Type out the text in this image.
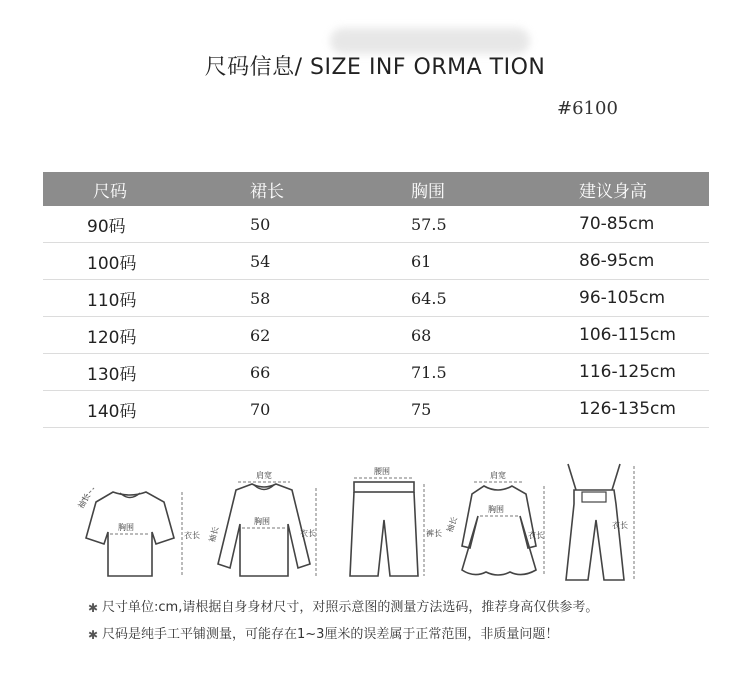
尺码信息/ SIZE INF ORMA TION
#6100
尺码	裙长	胸围	建议身高
90码	50	57.5	70-85cm
100码	54	61	86-95cm
110码	58	64.5	96-105cm
120码	62	68	106-115cm
130码	66	71.5	116-125cm
140码	70	75	126-135cm
胸围
衣长
袖长
肩宽
胸围
衣长
袖长
腰围
裤长
肩宽
胸围
衣长
袖长	衣长
✱ 尺寸单位:cm,请根据自身身材尺寸，对照示意图的测量方法选码，推荐身高仅供参考。
✱ 尺码是纯手工平铺测量，可能存在1~3厘米的误差属于正常范围，非质量问题！
